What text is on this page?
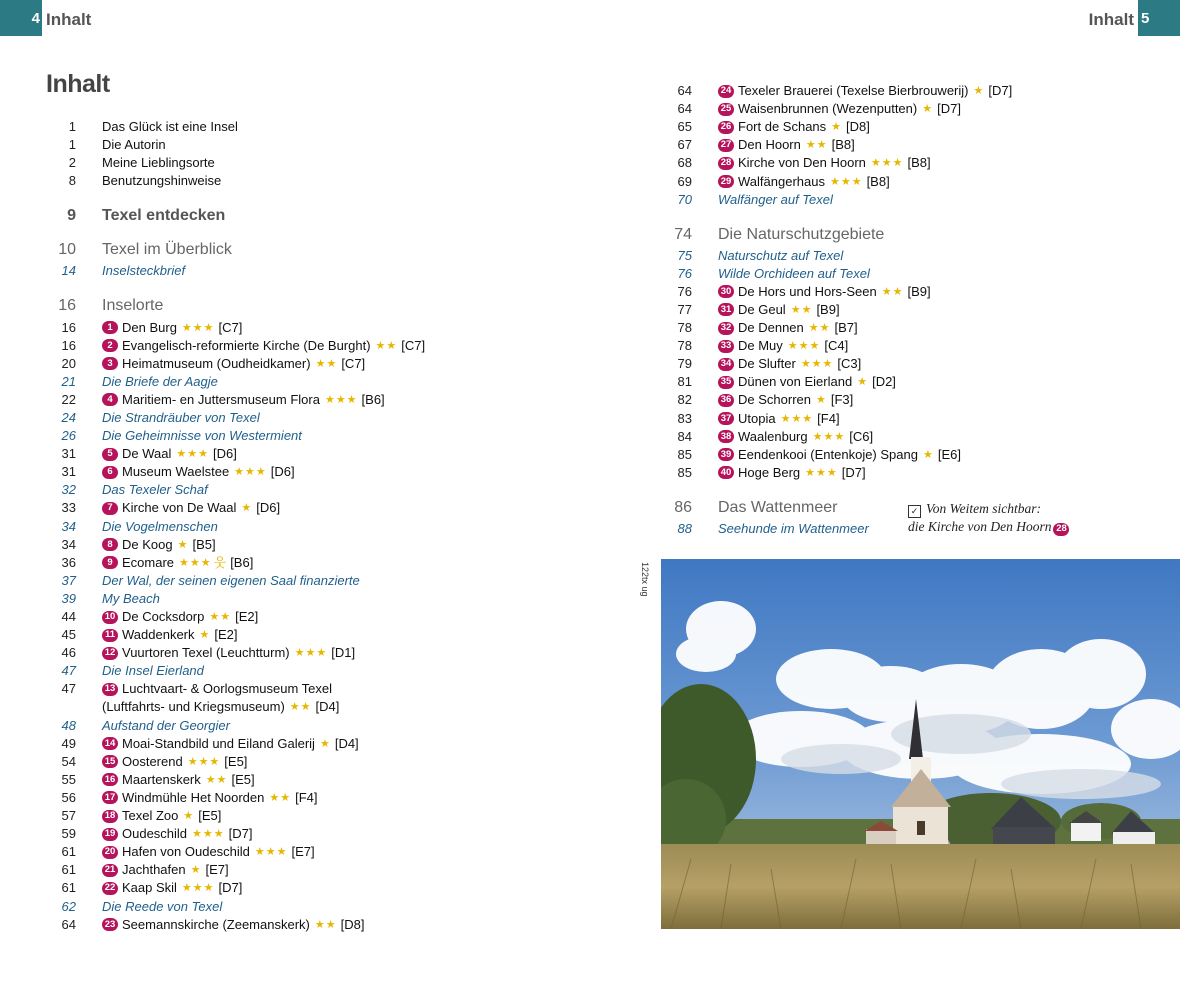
4 Inhalt	Inhalt 5
Inhalt
1 Das Glück ist eine Insel
1 Die Autorin
2 Meine Lieblingsorte
8 Benutzungshinweise
9 Texel entdecken
10 Texel im Überblick
14 Inselsteckbrief
16 Inselorte
16	1 Den Burg ★★★ [C7]
16	2 Evangelisch-reformierte Kirche (De Burght) ★★ [C7]
20	3 Heimatmuseum (Oudheidkamer) ★★ [C7]
21 Die Briefe der Aagje
22	4 Maritiem- en Juttersmuseum Flora ★★★ [B6]
24 Die Strandräuber von Texel
26 Die Geheimnisse von Westermient
31	5 De Waal ★★★ [D6]
31	6 Museum Waelstee ★★★ [D6]
32 Das Texeler Schaf
33	7 Kirche von De Waal ★ [D6]
34 Die Vogelmenschen
34	8 De Koog ★ [B5]
36	9 Ecomare ★★★ 웃 [B6]
37 Der Wal, der seinen eigenen Saal finanzierte
39 My Beach
44	10 De Cocksdorp ★★ [E2]
45	11 Waddenkerk ★ [E2]
46	12 Vuurtoren Texel (Leuchtturm) ★★★ [D1]
47 Die Insel Eierland
47	13 Luchtvaart- & Oorlogsmuseum Texel
(Luftfahrts- und Kriegsmuseum) ★★ [D4]
48 Aufstand der Georgier
49	14 Moai-Standbild und Eiland Galerij ★ [D4]
54	15 Oosterend ★★★ [E5]
55	16 Maartenskerk ★★ [E5]
56	17 Windmühle Het Noorden ★★ [F4]
57	18 Texel Zoo ★ [E5]
59	19 Oudeschild ★★★ [D7]
61	20 Hafen von Oudeschild ★★★ [E7]
61	21 Jachthafen ★ [E7]
61	22 Kaap Skil ★★★ [D7]
62 Die Reede von Texel
64	23 Seemannskirche (Zeemanskerk) ★★ [D8]
64	24 Texeler Brauerei (Texelse Bierbrouwerij) ★ [D7]
64	25 Waisenbrunnen (Wezenputten) ★ [D7]
65	26 Fort de Schans ★ [D8]
67	27 Den Hoorn ★★ [B8]
68	28 Kirche von Den Hoorn ★★★ [B8]
69	29 Walfängerhaus ★★★ [B8]
70 Walfänger auf Texel
74 Die Naturschutzgebiete
75 Naturschutz auf Texel
76 Wilde Orchideen auf Texel
76	30 De Hors und Hors-Seen ★★ [B9]
77	31 De Geul ★★ [B9]
78	32 De Dennen ★★ [B7]
78	33 De Muy ★★★ [C4]
79	34 De Slufter ★★★ [C3]
81	35 Dünen von Eierland ★ [D2]
82	36 De Schorren ★ [F3]
83	37 Utopia ★★★ [F4]
84	38 Waalenburg ★★★ [C6]
85	39 Eendenkooi (Entenkoje) Spang ★ [E6]
85	40 Hoge Berg ★★★ [D7]
86 Das Wattenmeer
88 Seehunde im Wattenmeer
✓ Von Weitem sichtbar:
die Kirche von Den Hoorn 28
122tx ug
